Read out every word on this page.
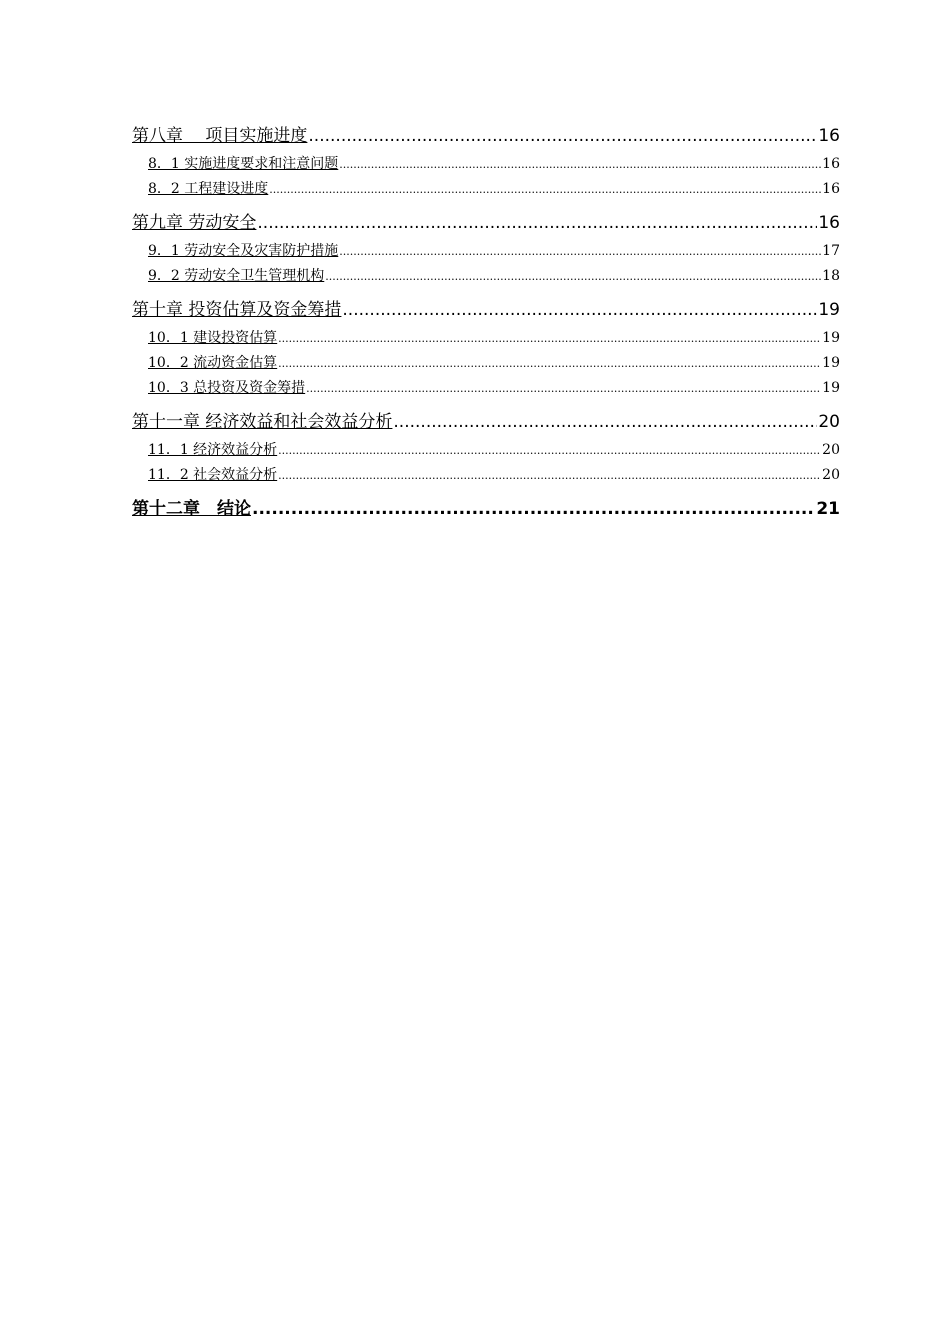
第八章　 项目实施进度 .....	16
8．1 实施进度要求和注意问题 .....	16
8．2 工程建设进度 .....	16
第九章 劳动安全 .....	16
9．1 劳动安全及灾害防护措施 .....	17
9．2 劳动安全卫生管理机构 .....	18
第十章 投资估算及资金筹措 .....	19
10．1 建设投资估算 .....	19
10．2 流动资金估算 .....	19
10．3 总投资及资金筹措 .....	19
第十一章 经济效益和社会效益分析 .....	20
11．1 经济效益分析 .....	20
11．2 社会效益分析 .....	20
第十二章　结论 .....	21
